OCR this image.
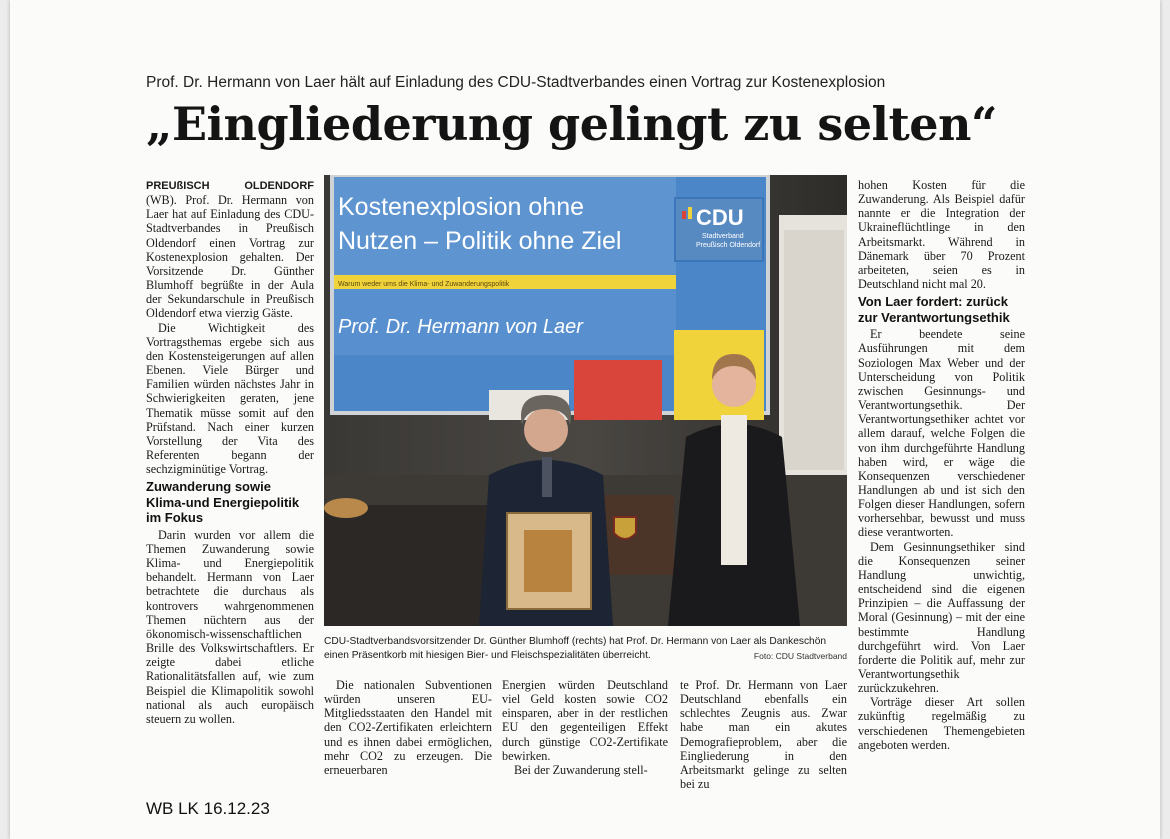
Prof. Dr. Hermann von Laer hält auf Einladung des CDU-Stadtverbandes einen Vortrag zur Kostenexplosion
„Eingliederung gelingt zu selten“

PREUßISCH OLDENDORF (WB). Prof. Dr. Hermann von Laer hat auf Einladung des CDU-Stadtverbandes in Preußisch Oldendorf einen Vortrag zur Kostenexplosion gehalten. Der Vorsitzende Dr. Günther Blumhoff begrüßte in der Aula der Sekundarschule in Preußisch Oldendorf etwa vierzig Gäste.

Die Wichtigkeit des Vortragsthemas ergebe sich aus den Kostensteigerungen auf allen Ebenen. Viele Bürger und Familien würden nächstes Jahr in Schwierigkeiten geraten, jene Thematik müsse somit auf den Prüfstand. Nach einer kurzen Vorstellung der Vita des Referenten begann der sechzigminütige Vortrag.

Zuwanderung sowie Klima-und Energiepolitik im Fokus

Darin wurden vor allem die Themen Zuwanderung sowie Klima- und Energiepolitik behandelt. Hermann von Laer betrachtete die durchaus als kontrovers wahrgenommenen Themen nüchtern aus der ökonomisch-wissenschaftlichen Brille des Volkswirtschaftlers. Er zeigte dabei etliche Rationalitätsfallen auf, wie zum Beispiel die Klimapolitik sowohl national als auch europäisch steuern zu wollen.

Kostenexplosion ohne
Nutzen – Politik ohne Ziel
Warum weder ums die Klima- und Zuwanderungspolitik
Prof. Dr. Hermann von Laer
CDU
Stadtverband
Preußisch Oldendorf
CDU-Stadtverbandsvorsitzender Dr. Günther Blumhoff (rechts) hat Prof. Dr. Hermann von Laer als Dankeschön einen Präsentkorb mit hiesigen Bier- und Fleischspezialitäten überreicht.	Foto: CDU Stadtverband

Die nationalen Subventionen würden unseren EU-Mitgliedsstaaten den Handel mit den CO2-Zertifikaten erleichtern und es ihnen dabei ermöglichen, mehr CO2 zu erzeugen. Die erneuerbaren

Energien würden Deutschland viel Geld kosten sowie CO2 einsparen, aber in der restlichen EU den gegenteiligen Effekt durch günstige CO2-Zertifikate bewirken.

Bei der Zuwanderung stell-

te Prof. Dr. Hermann von Laer Deutschland ebenfalls ein schlechtes Zeugnis aus. Zwar habe man ein akutes Demografieproblem, aber die Eingliederung in den Arbeitsmarkt gelinge zu selten bei zu

hohen Kosten für die Zuwanderung. Als Beispiel dafür nannte er die Integration der Ukraineflüchtlinge in den Arbeitsmarkt. Während in Dänemark über 70 Prozent arbeiteten, seien es in Deutschland nicht mal 20.

Von Laer fordert: zurück zur Verantwortungsethik

Er beendete seine Ausführungen mit dem Soziologen Max Weber und der Unterscheidung von Politik zwischen Gesinnungs- und Verantwortungsethik. Der Verantwortungsethiker achtet vor allem darauf, welche Folgen die von ihm durchgeführte Handlung haben wird, er wäge die Konsequenzen verschiedener Handlungen ab und ist sich den Folgen dieser Handlungen, sofern vorhersehbar, bewusst und muss diese verantworten.

Dem Gesinnungsethiker sind die Konsequenzen seiner Handlung unwichtig, entscheidend sind die eigenen Prinzipien – die Auffassung der Moral (Gesinnung) – mit der eine bestimmte Handlung durchgeführt wird. Von Laer forderte die Politik auf, mehr zur Verantwortungsethik zurückzukehren.

Vorträge dieser Art sollen zukünftig regelmäßig zu verschiedenen Themengebieten angeboten werden.

WB LK 16.12.23
